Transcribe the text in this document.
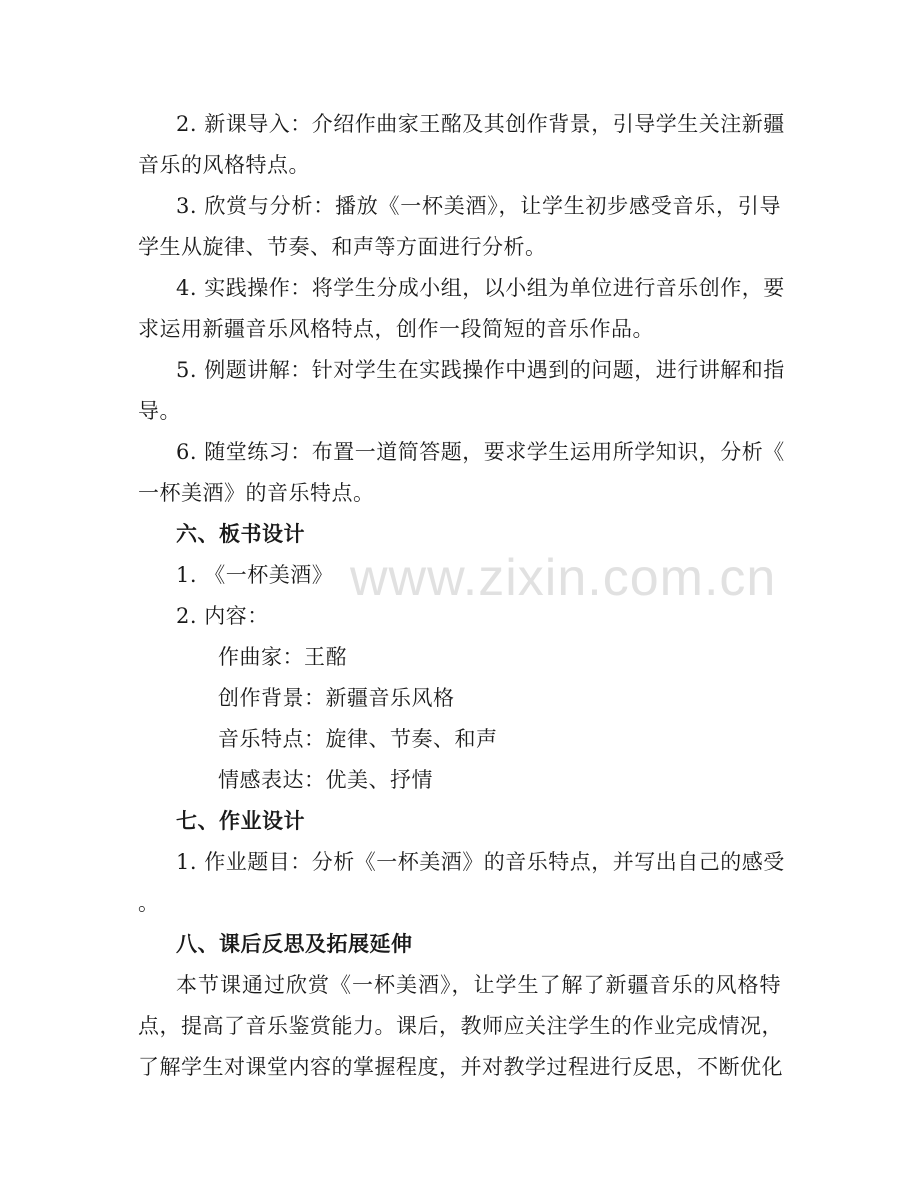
www.zixin.com.cn
2. 新课导入：介绍作曲家王酩及其创作背景，引导学生关注新疆
音乐的风格特点。
3. 欣赏与分析：播放《一杯美酒》，让学生初步感受音乐，引导
学生从旋律、节奏、和声等方面进行分析。
4. 实践操作：将学生分成小组，以小组为单位进行音乐创作，要
求运用新疆音乐风格特点，创作一段简短的音乐作品。
5. 例题讲解：针对学生在实践操作中遇到的问题，进行讲解和指
导。
6. 随堂练习：布置一道简答题，要求学生运用所学知识，分析《
一杯美酒》的音乐特点。
六、板书设计
1. 《一杯美酒》
2. 内容：
作曲家：王酩
创作背景：新疆音乐风格
音乐特点：旋律、节奏、和声
情感表达：优美、抒情
七、作业设计
1. 作业题目：分析《一杯美酒》的音乐特点，并写出自己的感受
。
八、课后反思及拓展延伸
本节课通过欣赏《一杯美酒》，让学生了解了新疆音乐的风格特
点，提高了音乐鉴赏能力。课后，教师应关注学生的作业完成情况，
了解学生对课堂内容的掌握程度，并对教学过程进行反思，不断优化
